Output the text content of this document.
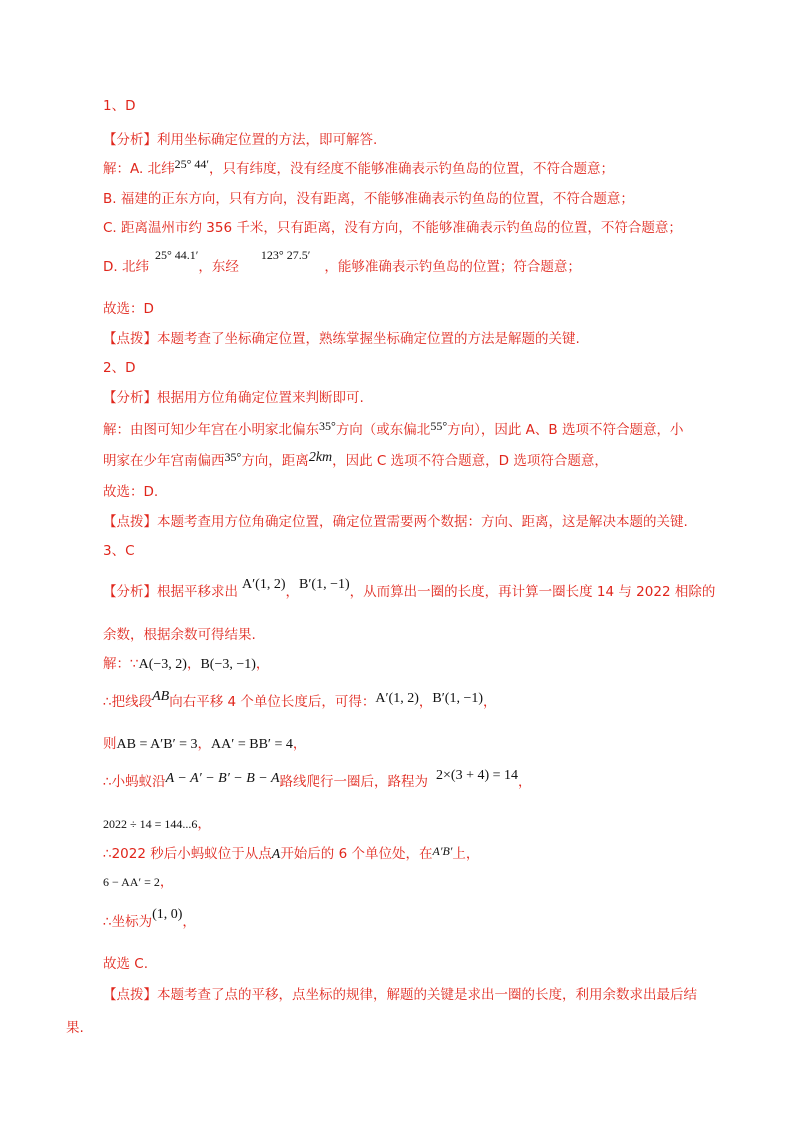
1、D
【分析】利用坐标确定位置的方法，即可解答.
解：A. 北纬25° 44′，只有纬度，没有经度不能够准确表示钓鱼岛的位置，不符合题意；
B. 福建的正东方向，只有方向，没有距离，不能够准确表示钓鱼岛的位置，不符合题意；
C. 距离温州市约 356 千米，只有距离，没有方向，不能够准确表示钓鱼岛的位置，不符合题意；
D. 北纬25° 44.1′，东经123° 27.5′，能够准确表示钓鱼岛的位置；符合题意；
故选：D
【点拨】本题考查了坐标确定位置，熟练掌握坐标确定位置的方法是解题的关键.
2、D
【分析】根据用方位角确定位置来判断即可.
解：由图可知少年宫在小明家北偏东35°方向（或东偏北55°方向），因此 A、B 选项不符合题意，小
明家在少年宫南偏西35°方向，距离2km，因此 C 选项不符合题意，D 选项符合题意，
故选：D.
【点拨】本题考查用方位角确定位置，确定位置需要两个数据：方向、距离，这是解决本题的关键.
3、C
【分析】根据平移求出 A′(1, 2)，B′(1, −1)，从而算出一圈的长度，再计算一圈长度 14 与 2022 相除的
余数，根据余数可得结果.
解：∵A(−3, 2)，B(−3, −1)，
∴把线段AB向右平移 4 个单位长度后，可得：A′(1, 2)，B′(1, −1)，
则AB = A′B′ = 3，AA′ = BB′ = 4，
∴小蚂蚁沿A − A′ − B′ − B − A路线爬行一圈后，路程为 2×(3 + 4) = 14，
2022 ÷ 14 = 144...6，
∴2022 秒后小蚂蚁位于从点A开始后的 6 个单位处，在A′B′上，
6 − AA′ = 2，
∴坐标为(1, 0)，
故选 C.
【点拨】本题考查了点的平移，点坐标的规律，解题的关键是求出一圈的长度，利用余数求出最后结
果.
